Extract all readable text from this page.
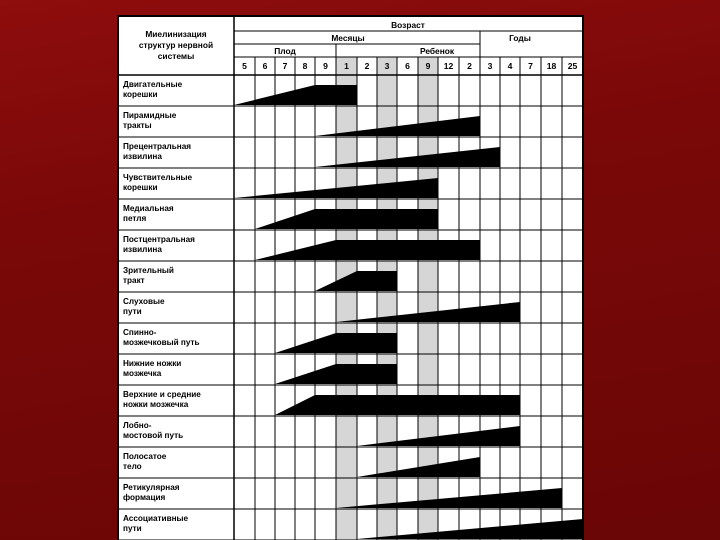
Миелинизация
структур нервной
системы
Возраст
Месяцы	Годы
Плод	Ребенок
5 6 7 8 9 1 2 3 6 9 12 2 3 4 7 18 25
Двигательные
корешки
Пирамидные
тракты
Прецентральная
извилина
Чувствительные
корешки
Медиальная
петля
Постцентральная
извилина
Зрительный
тракт
Слуховые
пути
Спинно-
мозжечковый путь
Нижние ножки
мозжечка
Верхние и средние
ножки мозжечка
Лобно-
мостовой путь
Полосатое
тело
Ретикулярная
формация
Ассоциативные
пути
